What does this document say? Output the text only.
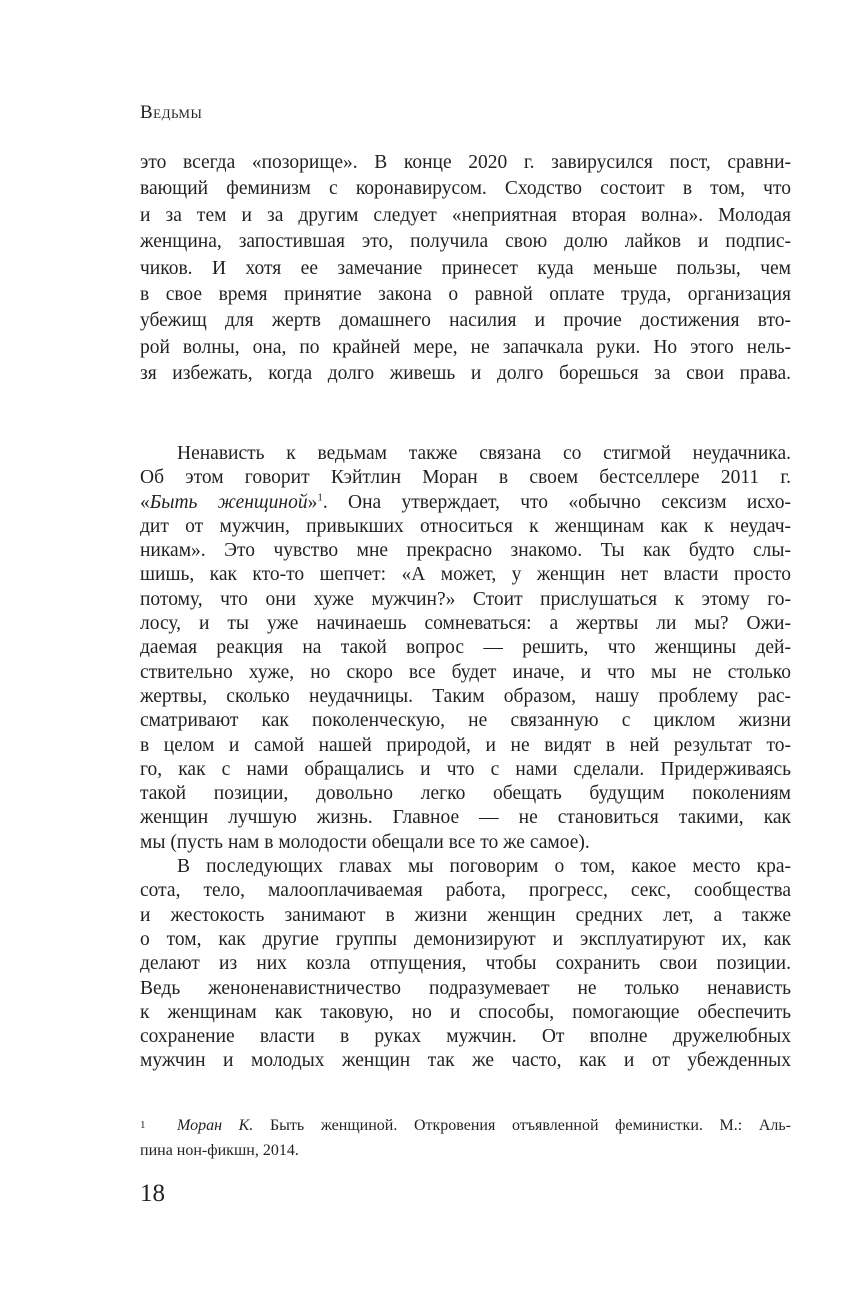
Ведьмы
это всегда «позорище». В конце 2020 г. завирусился пост, сравни-
вающий феминизм с коронавирусом. Сходство состоит в том, что
и за тем и за другим следует «неприятная вторая волна». Молодая
женщина, запостившая это, получила свою долю лайков и подпис-
чиков. И хотя ее замечание принесет куда меньше пользы, чем
в свое время принятие закона о равной оплате труда, организация
убежищ для жертв домашнего насилия и прочие достижения вто-
рой волны, она, по крайней мере, не запачкала руки. Но этого нель-
зя избежать, когда долго живешь и долго борешься за свои права.
Ненависть к ведьмам также связана со стигмой неудачника.
Об этом говорит Кэйтлин Моран в своем бестселлере 2011 г.
«Быть женщиной»$^1$. Она утверждает, что «обычно сексизм исхо-
дит от мужчин, привыкших относиться к женщинам как к неудач-
никам». Это чувство мне прекрасно знакомо. Ты как будто слы-
шишь, как кто-то шепчет: «А может, у женщин нет власти просто
потому, что они хуже мужчин?» Стоит прислушаться к этому го-
лосу, и ты уже начинаешь сомневаться: а жертвы ли мы? Ожи-
даемая реакция на такой вопрос — решить, что женщины дей-
ствительно хуже, но скоро все будет иначе, и что мы не столько
жертвы, сколько неудачницы. Таким образом, нашу проблему рас-
сматривают как поколенческую, не связанную с циклом жизни
в целом и самой нашей природой, и не видят в ней результат то-
го, как с нами обращались и что с нами сделали. Придерживаясь
такой позиции, довольно легко обещать будущим поколениям
женщин лучшую жизнь. Главное — не становиться такими, как
мы (пусть нам в молодости обещали все то же самое).
В последующих главах мы поговорим о том, какое место кра-
сота, тело, малооплачиваемая работа, прогресс, секс, сообщества
и жестокость занимают в жизни женщин средних лет, а также
о том, как другие группы демонизируют и эксплуатируют их, как
делают из них козла отпущения, чтобы сохранить свои позиции.
Ведь женоненавистничество подразумевает не только ненависть
к женщинам как таковую, но и способы, помогающие обеспечить
сохранение власти в руках мужчин. От вполне дружелюбных
мужчин и молодых женщин так же часто, как и от убежденных
1 Моран К. Быть женщиной. Откровения отъявленной феминистки. М.: Аль-
пина нон-фикшн, 2014.
18
